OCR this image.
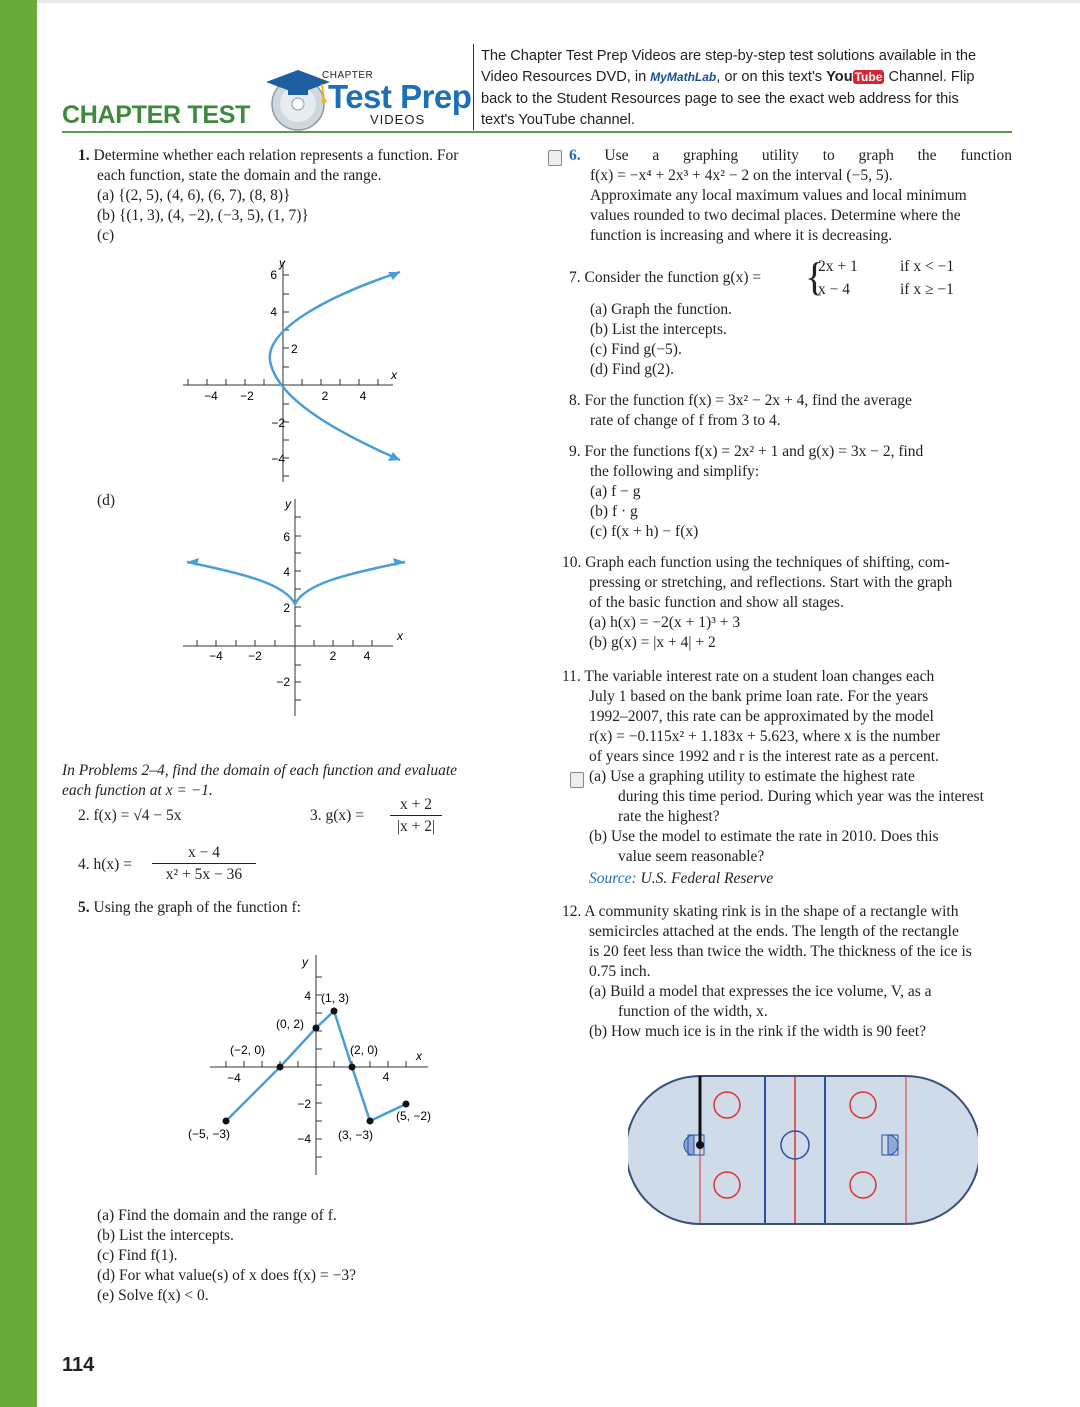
CHAPTER TEST
CHAPTER
Test Prep
VIDEOS
The Chapter Test Prep Videos are step-by-step test solutions available in the
Video Resources DVD, in MyMathLab, or on this text's You Tube Channel. Flip
back to the Student Resources page to see the exact web address for this
text's YouTube channel.
1. Determine whether each relation represents a function. For
each function, state the domain and the range.
(a) {(2, 5), (4, 6), (6, 7), (8, 8)}
(b) {(1, 3), (4, −2), (−3, 5), (1, 7)}
(c)
(d)
y
x
6
4
2
−2
−4
−4 −2	2	4
y
x
6
4
2
−2
−4 −2	2 4
In Problems 2–4, find the domain of each function and evaluate
each function at x = −1.
2. f(x) = √4 − 5x	3. g(x) =
x + 2
|x + 2|
4. h(x) =
x − 4
x² + 5x − 36
5. Using the graph of the function f:
y
x
4
−2
−4
−4	4
(1, 3)
(0, 2)
(−2, 0)	(2, 0)
(5, −2)
(−5, −3)	(3, −3)
(a) Find the domain and the range of f.
(b) List the intercepts.
(c) Find f(1).
(d) For what value(s) of x does f(x) = −3?
(e) Solve f(x) < 0.
114
6. Use a graphing utility to graph the function
f(x) = −x⁴ + 2x³ + 4x² − 2 on the interval (−5, 5).
Approximate any local maximum values and local minimum
values rounded to two decimal places. Determine where the
function is increasing and where it is decreasing.
7. Consider the function g(x) = {
2x + 1	if x < −1
x − 4	if x ≥ −1
(a) Graph the function.
(b) List the intercepts.
(c) Find g(−5).
(d) Find g(2).
8. For the function f(x) = 3x² − 2x + 4, find the average
rate of change of f from 3 to 4.
9. For the functions f(x) = 2x² + 1 and g(x) = 3x − 2, find
the following and simplify:
(a) f − g
(b) f · g
(c) f(x + h) − f(x)
10. Graph each function using the techniques of shifting, com-
pressing or stretching, and reflections. Start with the graph
of the basic function and show all stages.
(a) h(x) = −2(x + 1)³ + 3
(b) g(x) = |x + 4| + 2
11. The variable interest rate on a student loan changes each
July 1 based on the bank prime loan rate. For the years
1992–2007, this rate can be approximated by the model
r(x) = −0.115x² + 1.183x + 5.623, where x is the number
of years since 1992 and r is the interest rate as a percent.
(a) Use a graphing utility to estimate the highest rate
during this time period. During which year was the interest
rate the highest?
(b) Use the model to estimate the rate in 2010. Does this
value seem reasonable?
Source: U.S. Federal Reserve
12. A community skating rink is in the shape of a rectangle with
semicircles attached at the ends. The length of the rectangle
is 20 feet less than twice the width. The thickness of the ice is
0.75 inch.
(a) Build a model that expresses the ice volume, V, as a
function of the width, x.
(b) How much ice is in the rink if the width is 90 feet?
